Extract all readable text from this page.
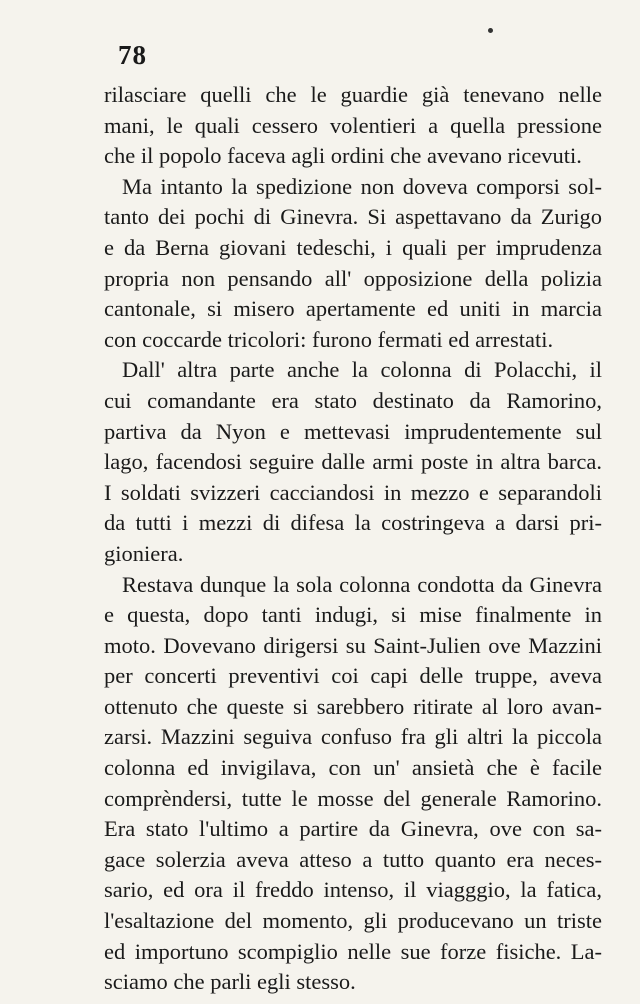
78
rilasciare quelli che le guardie già tenevano nelle
mani, le quali cessero volentieri a quella pressione
che il popolo faceva agli ordini che avevano ricevuti.
Ma intanto la spedizione non doveva comporsi sol-
tanto dei pochi di Ginevra. Si aspettavano da Zurigo
e da Berna giovani tedeschi, i quali per imprudenza
propria non pensando all' opposizione della polizia
cantonale, si misero apertamente ed uniti in marcia
con coccarde tricolori: furono fermati ed arrestati.
Dall' altra parte anche la colonna di Polacchi, il
cui comandante era stato destinato da Ramorino,
partiva da Nyon e mettevasi imprudentemente sul
lago, facendosi seguire dalle armi poste in altra barca.
I soldati svizzeri cacciandosi in mezzo e separandoli
da tutti i mezzi di difesa la costringeva a darsi pri-
gioniera.
Restava dunque la sola colonna condotta da Ginevra
e questa, dopo tanti indugi, si mise finalmente in
moto. Dovevano dirigersi su Saint-Julien ove Mazzini
per concerti preventivi coi capi delle truppe, aveva
ottenuto che queste si sarebbero ritirate al loro avan-
zarsi. Mazzini seguiva confuso fra gli altri la piccola
colonna ed invigilava, con un' ansietà che è facile
comprèndersi, tutte le mosse del generale Ramorino.
Era stato l'ultimo a partire da Ginevra, ove con sa-
gace solerzia aveva atteso a tutto quanto era neces-
sario, ed ora il freddo intenso, il viagggio, la fatica,
l'esaltazione del momento, gli producevano un triste
ed importuno scompiglio nelle sue forze fisiche. La-
sciamo che parli egli stesso.
